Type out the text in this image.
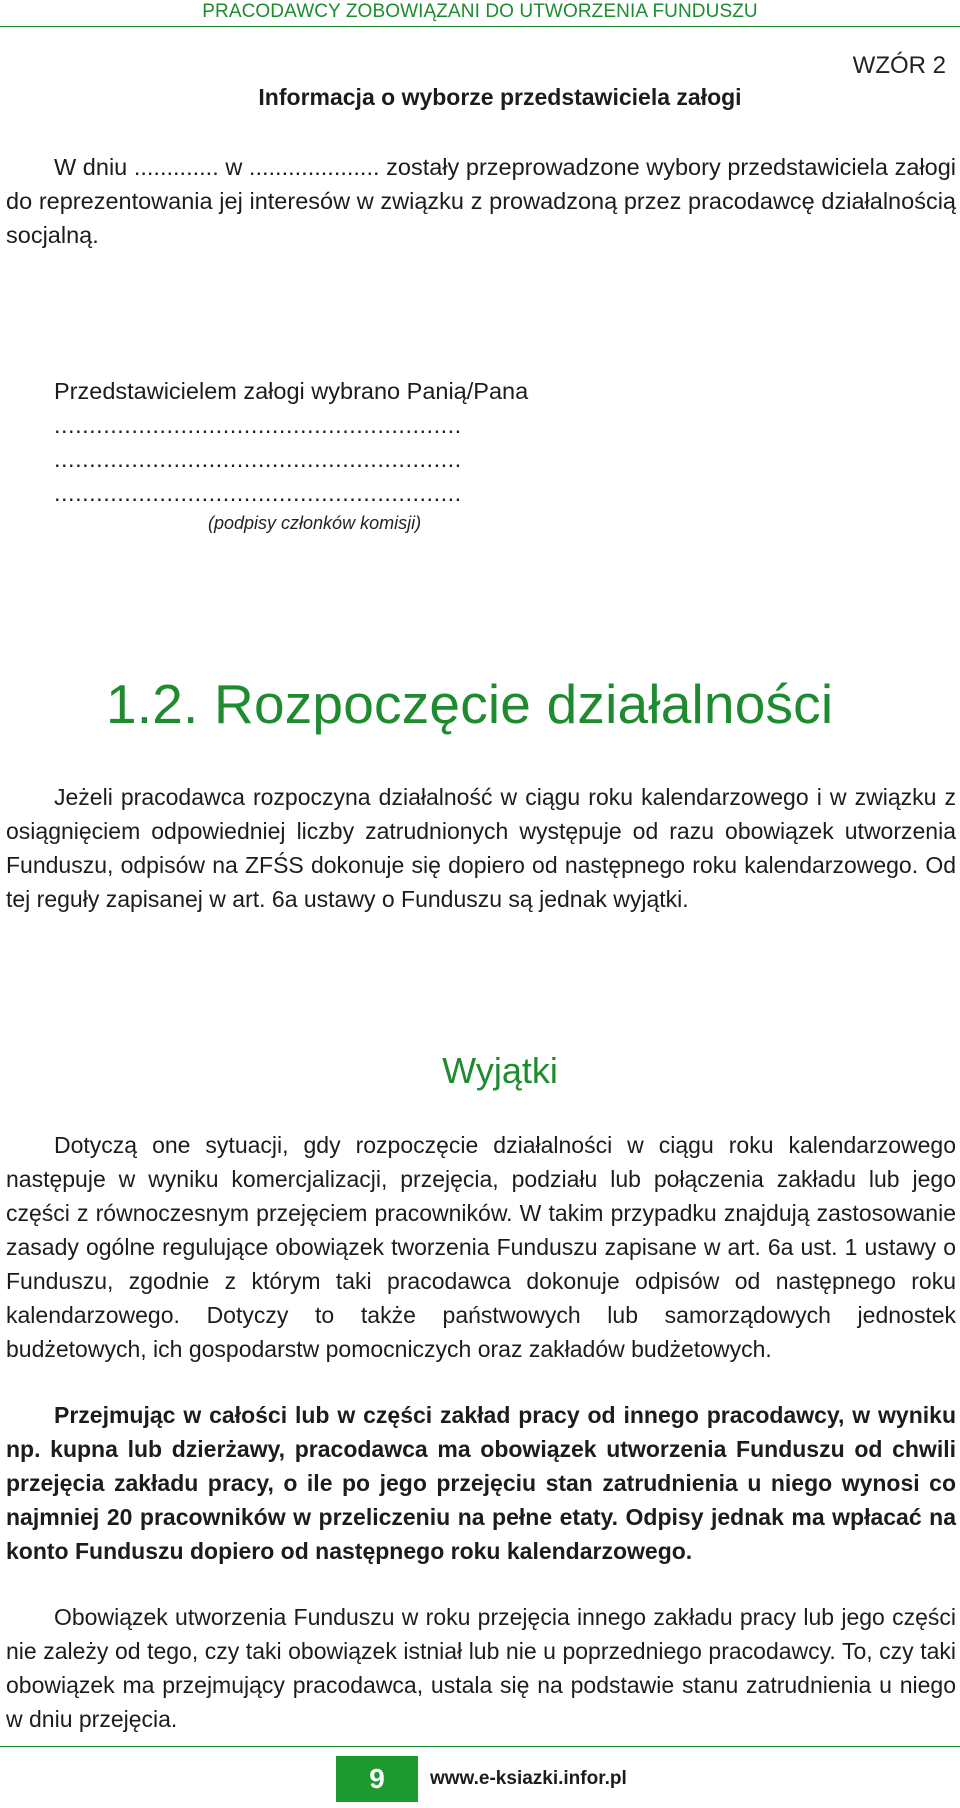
PRACODAWCY ZOBOWIĄZANI DO UTWORZENIA FUNDUSZU
WZÓR 2
Informacja o wyborze przedstawiciela załogi
W dniu ............. w .................... zostały przeprowadzone wybory przedstawiciela załogi do reprezentowania jej interesów w związku z prowadzoną przez pracodawcę działalnością socjalną.
Przedstawicielem załogi wybrano Panią/Pana
..........................................................
..........................................................
..........................................................
(podpisy członków komisji)
1.2. Rozpoczęcie działalności
Jeżeli pracodawca rozpoczyna działalność w ciągu roku kalendarzowego i w związku z osiągnięciem odpowiedniej liczby zatrudnionych występuje od razu obowiązek utworzenia Funduszu, odpisów na ZFŚS dokonuje się dopiero od następnego roku kalendarzowego. Od tej reguły zapisanej w art. 6a ustawy o Funduszu są jednak wyjątki.
Wyjątki
Dotyczą one sytuacji, gdy rozpoczęcie działalności w ciągu roku kalendarzowego następuje w wyniku komercjalizacji, przejęcia, podziału lub połączenia zakładu lub jego części z równoczesnym przejęciem pracowników. W takim przypadku znajdują zastosowanie zasady ogólne regulujące obowiązek tworzenia Funduszu zapisane w art. 6a ust. 1 ustawy o Funduszu, zgodnie z którym taki pracodawca dokonuje odpisów od następnego roku kalendarzowego. Dotyczy to także państwowych lub samorządowych jednostek budżetowych, ich gospodarstw pomocniczych oraz zakładów budżetowych.
Przejmując w całości lub w części zakład pracy od innego pracodawcy, w wyniku np. kupna lub dzierżawy, pracodawca ma obowiązek utworzenia Funduszu od chwili przejęcia zakładu pracy, o ile po jego przejęciu stan zatrudnienia u niego wynosi co najmniej 20 pracowników w przeliczeniu na pełne etaty. Odpisy jednak ma wpłacać na konto Funduszu dopiero od następnego roku kalendarzowego.
Obowiązek utworzenia Funduszu w roku przejęcia innego zakładu pracy lub jego części nie zależy od tego, czy taki obowiązek istniał lub nie u poprzedniego pracodawcy. To, czy taki obowiązek ma przejmujący pracodawca, ustala się na podstawie stanu zatrudnienia u niego w dniu przejęcia.
9	www.e-ksiazki.infor.pl
